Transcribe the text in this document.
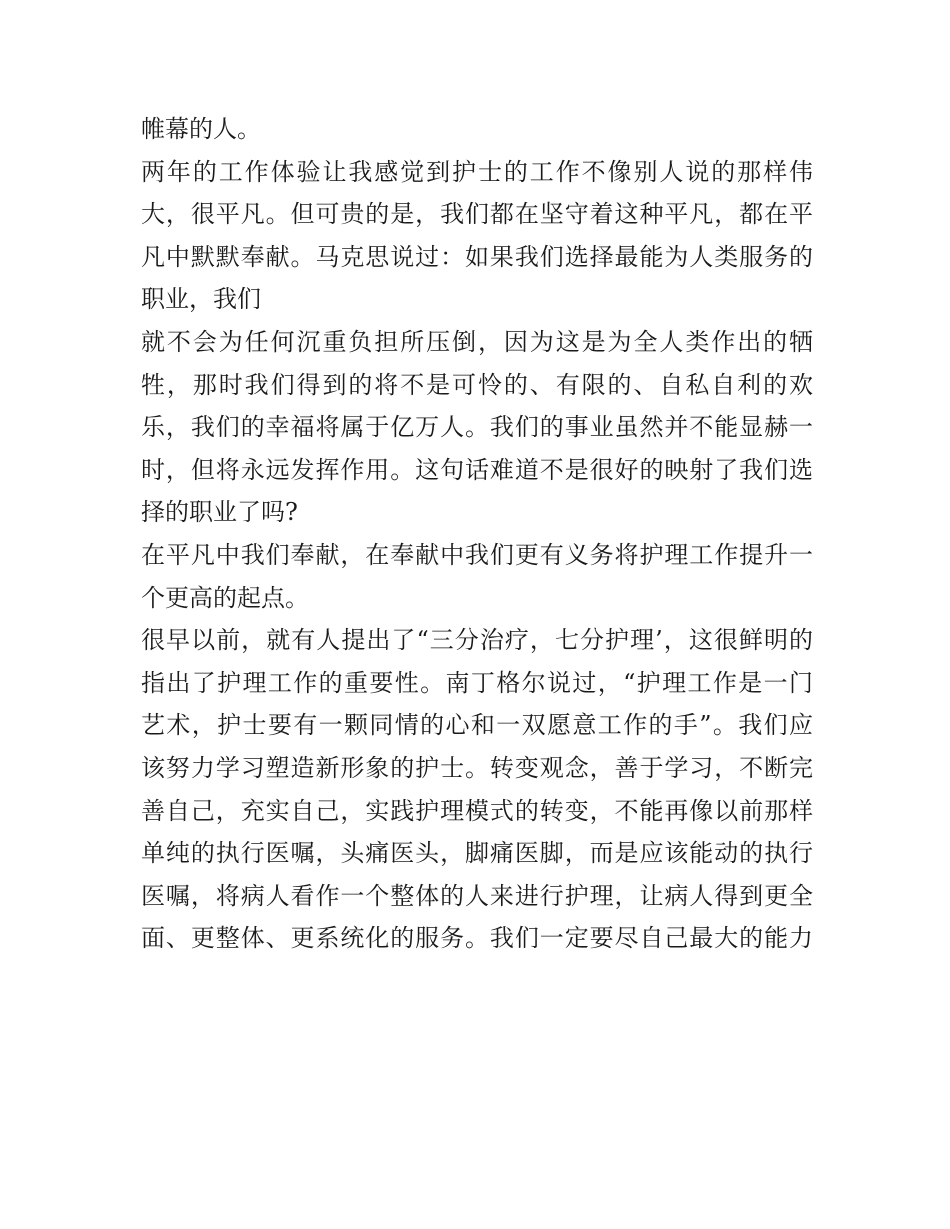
帷幕的人。
两年的工作体验让我感觉到护士的工作不像别人说的那样伟
大，很平凡。但可贵的是，我们都在坚守着这种平凡，都在平
凡中默默奉献。马克思说过：如果我们选择最能为人类服务的
职业，我们
就不会为任何沉重负担所压倒，因为这是为全人类作出的牺
牲，那时我们得到的将不是可怜的、有限的、自私自利的欢
乐，我们的幸福将属于亿万人。我们的事业虽然并不能显赫一
时，但将永远发挥作用。这句话难道不是很好的映射了我们选
择的职业了吗?
在平凡中我们奉献，在奉献中我们更有义务将护理工作提升一
个更高的起点。
很早以前，就有人提出了“三分治疗，七分护理’，这很鲜明的
指出了护理工作的重要性。南丁格尔说过，“护理工作是一门
艺术，护士要有一颗同情的心和一双愿意工作的手”。我们应
该努力学习塑造新形象的护士。转变观念，善于学习，不断完
善自己，充实自己，实践护理模式的转变，不能再像以前那样
单纯的执行医嘱，头痛医头，脚痛医脚，而是应该能动的执行
医嘱，将病人看作一个整体的人来进行护理，让病人得到更全
面、更整体、更系统化的服务。我们一定要尽自己最大的能力
